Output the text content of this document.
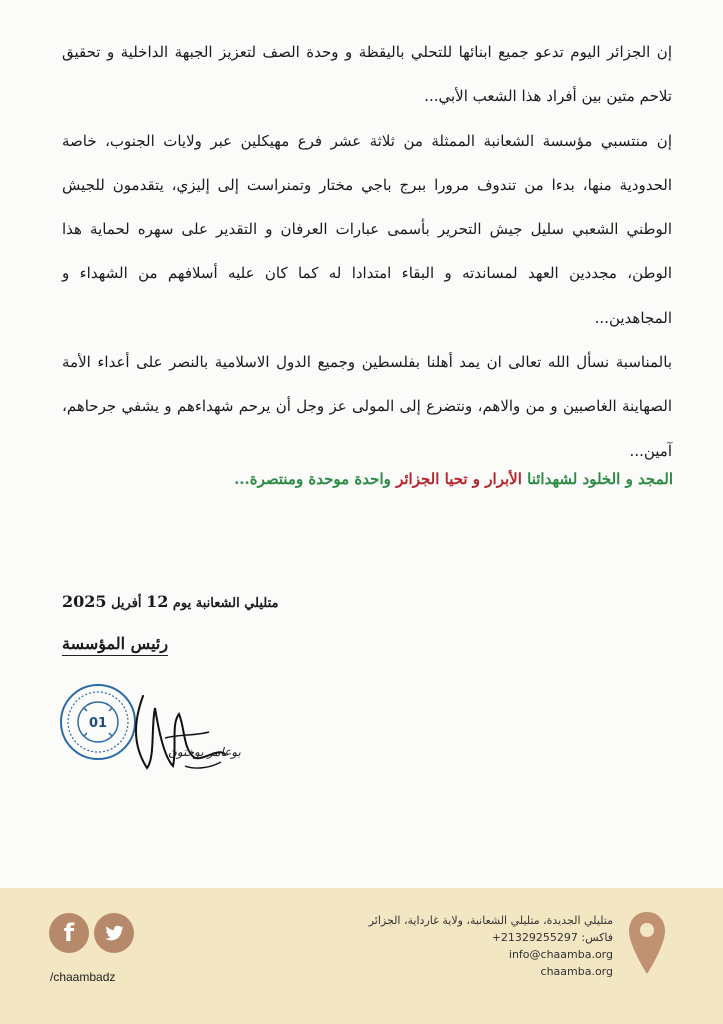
إن الجزائر اليوم تدعو جميع ابنائها للتحلي باليقظة و وحدة الصف لتعزيز الجبهة الداخلية و تحقيق تلاحم متين بين أفراد هذا الشعب الأبي...

إن منتسبي مؤسسة الشعانبة الممثلة من ثلاثة عشر فرع مهيكلين عبر ولايات الجنوب، خاصة الحدودية منها، بدءا من تندوف مرورا ببرج باجي مختار وتمنراست إلى إليزي، يتقدمون للجيش الوطني الشعبي سليل جيش التحرير بأسمى عبارات العرفان و التقدير على سهره لحماية هذا الوطن، مجددين العهد لمساندته و البقاء امتدادا له كما كان عليه أسلافهم من الشهداء و المجاهدين...

بالمناسبة نسأل الله تعالى ان يمد أهلنا بفلسطين وجميع الدول الاسلامية بالنصر على أعداء الأمة الصهاينة الغاصبين و من والاهم، ونتضرع إلى المولى عز وجل أن يرحم شهداءهم و يشفي جرحاهم، آمين...

المجد و الخلود لشهدائنا الأبرار و تحيا الجزائر واحدة موحدة ومنتصرة...
متليلي الشعانبة يوم 12 أفريل 2025
رئيس المؤسسة
01
بوعامر بوخنون
f
/chaambadz
متليلي الجديدة، متليلي الشعانبة، ولاية غارداية، الجزائر
فاكس: +21329255297
info@chaamba.org
chaamba.org
